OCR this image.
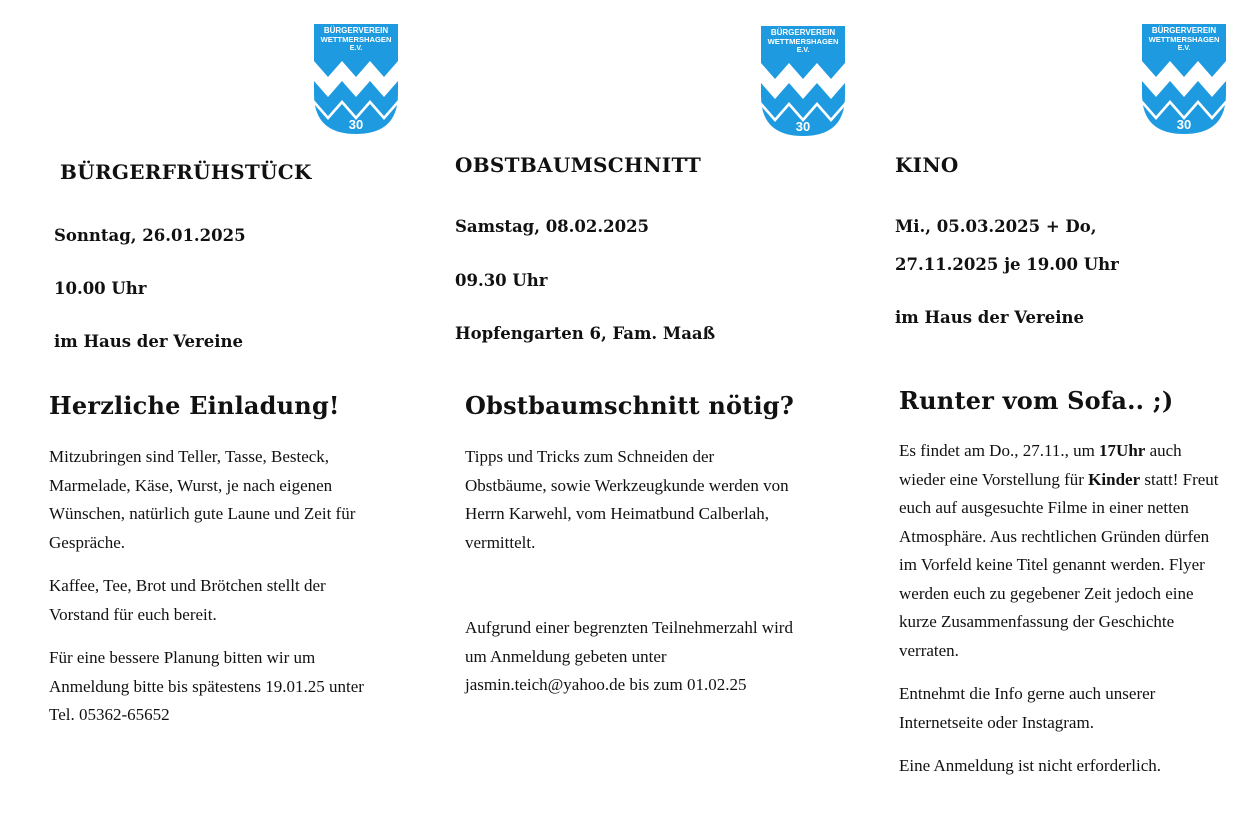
BÜRGERVEREIN
WETTMERSHAGEN
E.V.
30
BÜRGERVEREIN
WETTMERSHAGEN
E.V.
30
BÜRGERVEREIN
WETTMERSHAGEN
E.V.
30
BÜRGERFRÜHSTÜCK
Sonntag, 26.01.2025
10.00 Uhr
im Haus der Vereine
Herzliche Einladung!

Mitzubringen sind Teller, Tasse, Besteck, Marmelade, Käse, Wurst, je nach eigenen Wünschen, natürlich gute Laune und Zeit für Gespräche.

Kaffee, Tee, Brot und Brötchen stellt der Vorstand für euch bereit.

Für eine bessere Planung bitten wir um Anmeldung bitte bis spätestens 19.01.25 unter Tel. 05362-65652

OBSTBAUMSCHNITT
Samstag, 08.02.2025
09.30 Uhr
Hopfengarten 6, Fam. Maaß
Obstbaumschnitt nötig?

Tipps und Tricks zum Schneiden der Obstbäume, sowie Werkzeugkunde werden von Herrn Karwehl, vom Heimatbund Calberlah, vermittelt.

Aufgrund einer begrenzten Teilnehmerzahl wird um Anmeldung gebeten unter jasmin.teich@yahoo.de bis zum 01.02.25

KINO
Mi., 05.03.2025 + Do,
27.11.2025 je 19.00 Uhr
im Haus der Vereine
Runter vom Sofa.. ;)

Es findet am Do., 27.11., um 17Uhr auch wieder eine Vorstellung für Kinder statt! Freut euch auf ausgesuchte Filme in einer netten Atmosphäre. Aus rechtlichen Gründen dürfen im Vorfeld keine Titel genannt werden. Flyer werden euch zu gegebener Zeit jedoch eine kurze Zusammenfassung der Geschichte verraten.

Entnehmt die Info gerne auch unserer Internetseite oder Instagram.

Eine Anmeldung ist nicht erforderlich.
